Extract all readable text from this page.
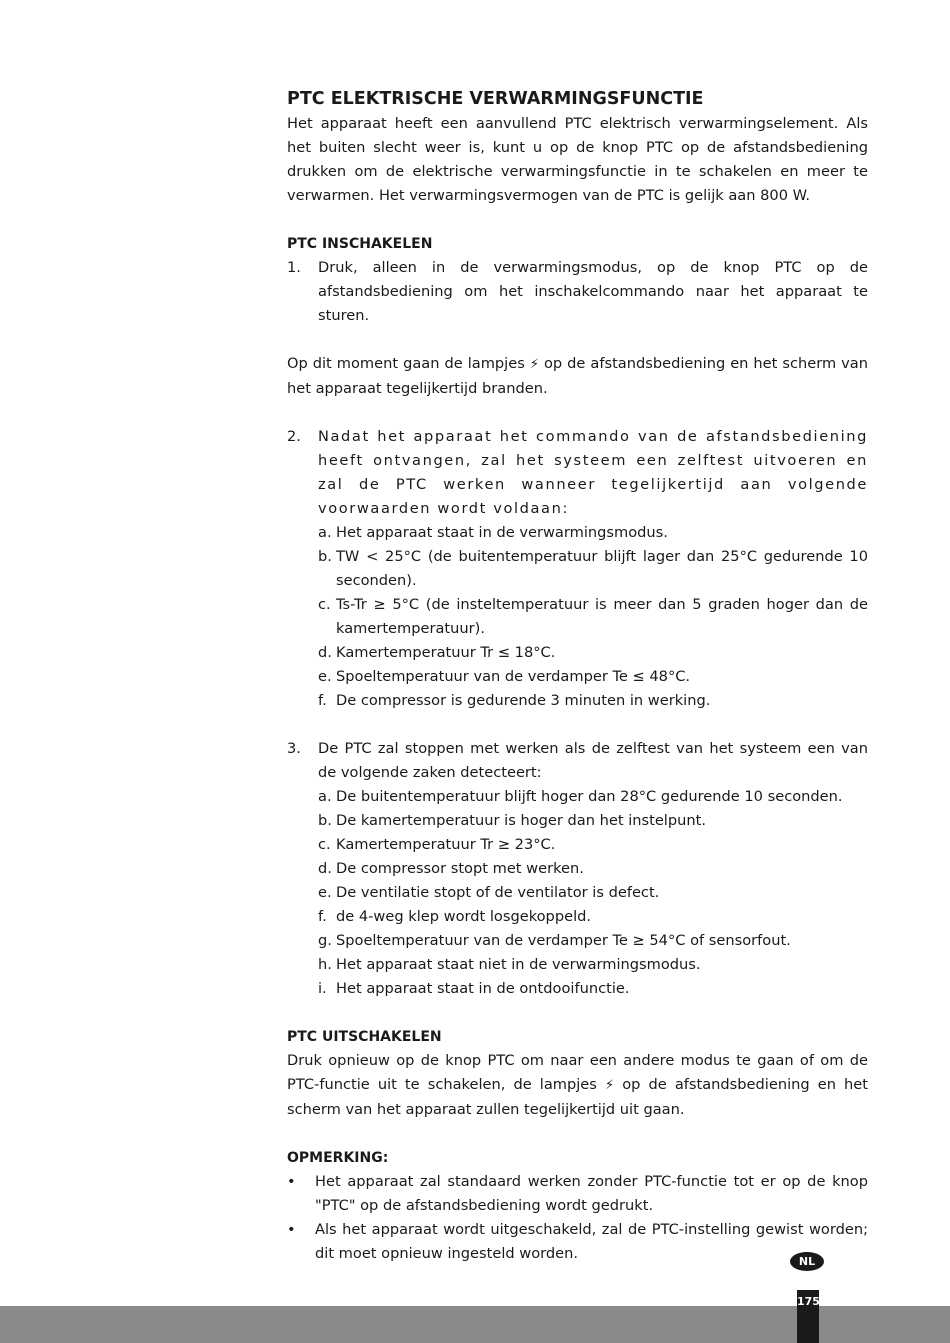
PTC ELEKTRISCHE VERWARMINGSFUNCTIE

Het apparaat heeft een aanvullend PTC elektrisch verwarmingselement. Als het buiten slecht weer is, kunt u op de knop PTC op de afstandsbediening drukken om de elektrische verwarmingsfunctie in te schakelen en meer te verwarmen. Het verwarmingsvermogen van de PTC is gelijk aan 800 W.

PTC INSCHAKELEN
1. Druk, alleen in de verwarmingsmodus, op de knop PTC op de afstandsbediening om het inschakelcommando naar het apparaat te sturen.

Op dit moment gaan de lampjes ⚡ op de afstandsbediening en het scherm van het apparaat tegelijkertijd branden.

2. Nadat het apparaat het commando van de afstandsbediening heeft ontvangen, zal het systeem een zelftest uitvoeren en zal de PTC werken wanneer tegelijkertijd aan volgende voorwaarden wordt voldaan:
a. Het apparaat staat in de verwarmingsmodus.
b. TW < 25°C (de buitentemperatuur blijft lager dan 25°C gedurende 10 seconden).
c. Ts-Tr ≥ 5°C (de insteltemperatuur is meer dan 5 graden hoger dan de kamertemperatuur).
d. Kamertemperatuur Tr ≤ 18°C.
e. Spoeltemperatuur van de verdamper Te ≤ 48°C.
f. De compressor is gedurende 3 minuten in werking.
3. De PTC zal stoppen met werken als de zelftest van het systeem een van de volgende zaken detecteert:
a. De buitentemperatuur blijft hoger dan 28°C gedurende 10 seconden.
b. De kamertemperatuur is hoger dan het instelpunt.
c. Kamertemperatuur Tr ≥ 23°C.
d. De compressor stopt met werken.
e. De ventilatie stopt of de ventilator is defect.
f. de 4-weg klep wordt losgekoppeld.
g. Spoeltemperatuur van de verdamper Te ≥ 54°C of sensorfout.
h. Het apparaat staat niet in de verwarmingsmodus.
i. Het apparaat staat in de ontdooifunctie.
PTC UITSCHAKELEN

Druk opnieuw op de knop PTC om naar een andere modus te gaan of om de PTC-functie uit te schakelen, de lampjes ⚡ op de afstandsbediening en het scherm van het apparaat zullen tegelijkertijd uit gaan.

OPMERKING:
• Het apparaat zal standaard werken zonder PTC-functie tot er op de knop "PTC" op de afstandsbediening wordt gedrukt.
• Als het apparaat wordt uitgeschakeld, zal de PTC-instelling gewist worden; dit moet opnieuw ingesteld worden.	NL
175
